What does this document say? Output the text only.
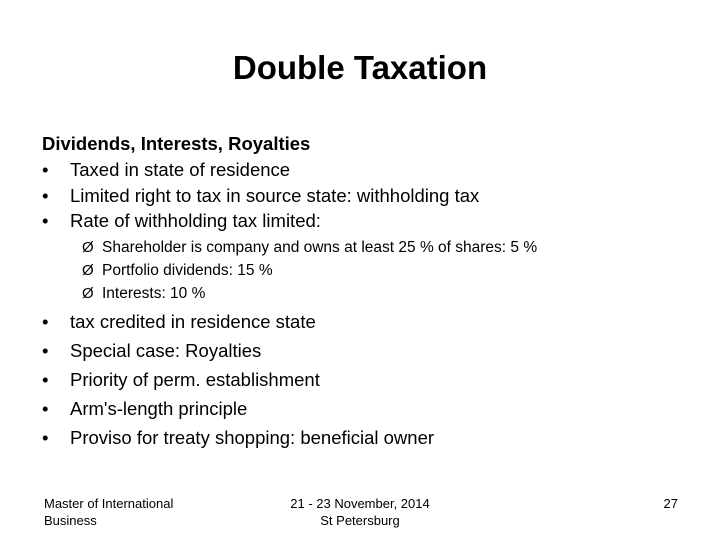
Double Taxation
Dividends, Interests, Royalties
• Taxed in state of residence
• Limited right to tax in source state: withholding tax
• Rate of withholding tax limited:
Ø Shareholder is company and owns at least 25 % of shares: 5 %
Ø Portfolio dividends: 15 %
Ø Interests: 10 %
• tax credited in residence state
• Special case: Royalties
• Priority of perm. establishment
• Arm's-length principle
• Proviso for treaty shopping: beneficial owner
Master of International
Business
21 - 23 November, 2014
St Petersburg
27
